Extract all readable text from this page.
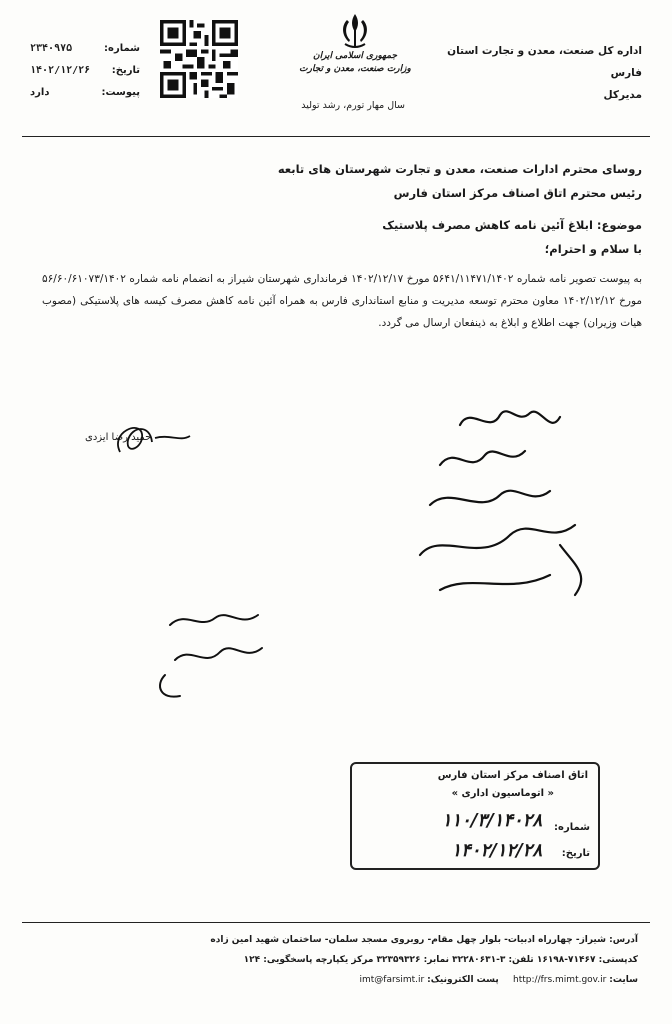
اداره کل صنعت، معدن و تجارت استان فارس
مدیرکل
جمهوری اسلامی ایران
وزارت صنعت، معدن و تجارت
سال مهار تورم، رشد تولید
شماره:
۲۳۴۰۹۷۵
تاریخ:
۱۴۰۲/۱۲/۲۶
پیوست:
دارد
روسای محترم ادارات صنعت، معدن و تجارت شهرستان های تابعه
رئیس محترم اتاق اصناف مرکز استان فارس
موضوع: ابلاغ آئین نامه کاهش مصرف پلاستیک
با سلام و احترام؛
به پیوست تصویر نامه شماره ۵۶۴۱/۱۱۴۷۱/۱۴۰۲ مورخ ۱۴۰۲/۱۲/۱۷ فرمانداری شهرستان شیراز به انضمام نامه شماره ۵۶/۶۰/۶۱۰۷۳/۱۴۰۲ مورخ ۱۴۰۲/۱۲/۱۲ معاون محترم توسعه مدیریت و منابع استانداری فارس به همراه آئین نامه کاهش مصرف کیسه های پلاستیکی (مصوب هیات وزیران) جهت اطلاع و ابلاغ به ذینفعان ارسال می گردد.
حمید رضا ایزدی
اتاق اصناف مرکز استان فارس
« اتوماسیون اداری »
شماره:
تاریخ:
۱۱۰/۳/۱۴۰۲۸
۱۴۰۲/۱۲/۲۸
آدرس: شیراز- چهارراه ادبیات- بلوار چهل مقام- روبروی مسجد سلمان- ساختمان شهید امین زاده
کدپستی: ۷۱۴۶۷-۱۶۱۹۸ تلفن: ۳-۳۲۲۸۰۶۳۱ نمابر: ۳۲۳۵۹۳۲۶ مرکز یکپارچه پاسخگویی: ۱۲۴
سایت: http://frs.mimt.gov.ir     پست الکترونیک: imt@farsimt.ir
